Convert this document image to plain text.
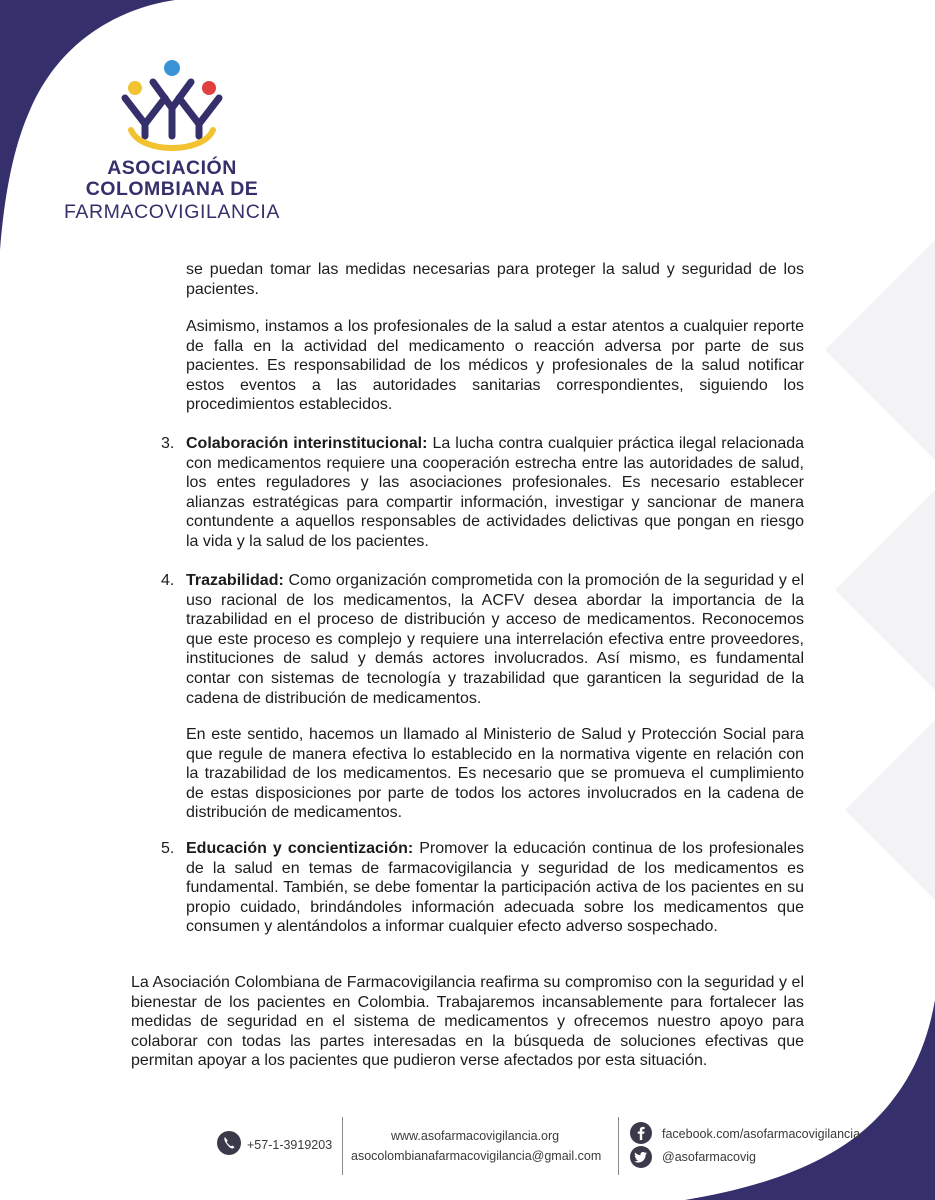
ASOCIACIÓN
COLOMBIANA DE
FARMACOVIGILANCIA

se puedan tomar las medidas necesarias para proteger la salud y seguridad de los pacientes.

Asimismo, instamos a los profesionales de la salud a estar atentos a cualquier reporte de falla en la actividad del medicamento o reacción adversa por parte de sus pacientes. Es responsabilidad de los médicos y profesionales de la salud notificar estos eventos a las autoridades sanitarias correspondientes, siguiendo los procedimientos establecidos.

3. Colaboración interinstitucional: La lucha contra cualquier práctica ilegal relacionada con medicamentos requiere una cooperación estrecha entre las autoridades de salud, los entes reguladores y las asociaciones profesionales. Es necesario establecer alianzas estratégicas para compartir información, investigar y sancionar de manera contundente a aquellos responsables de actividades delictivas que pongan en riesgo la vida y la salud de los pacientes.

4. Trazabilidad: Como organización comprometida con la promoción de la seguridad y el uso racional de los medicamentos, la ACFV desea abordar la importancia de la trazabilidad en el proceso de distribución y acceso de medicamentos. Reconocemos que este proceso es complejo y requiere una interrelación efectiva entre proveedores, instituciones de salud y demás actores involucrados. Así mismo, es fundamental contar con sistemas de tecnología y trazabilidad que garanticen la seguridad de la cadena de distribución de medicamentos.

En este sentido, hacemos un llamado al Ministerio de Salud y Protección Social para que regule de manera efectiva lo establecido en la normativa vigente en relación con la trazabilidad de los medicamentos. Es necesario que se promueva el cumplimiento de estas disposiciones por parte de todos los actores involucrados en la cadena de distribución de medicamentos.

5. Educación y concientización: Promover la educación continua de los profesionales de la salud en temas de farmacovigilancia y seguridad de los medicamentos es fundamental. También, se debe fomentar la participación activa de los pacientes en su propio cuidado, brindándoles información adecuada sobre los medicamentos que consumen y alentándolos a informar cualquier efecto adverso sospechado.

La Asociación Colombiana de Farmacovigilancia reafirma su compromiso con la seguridad y el bienestar de los pacientes en Colombia. Trabajaremos incansablemente para fortalecer las medidas de seguridad en el sistema de medicamentos y ofrecemos nuestro apoyo para colaborar con todas las partes interesadas en la búsqueda de soluciones efectivas que permitan apoyar a los pacientes que pudieron verse afectados por esta situación.

+57-1-3919203
www.asofarmacovigilancia.org
asocolombianafarmacovigilancia@gmail.com
facebook.com/asofarmacovigilancia
@asofarmacovig
